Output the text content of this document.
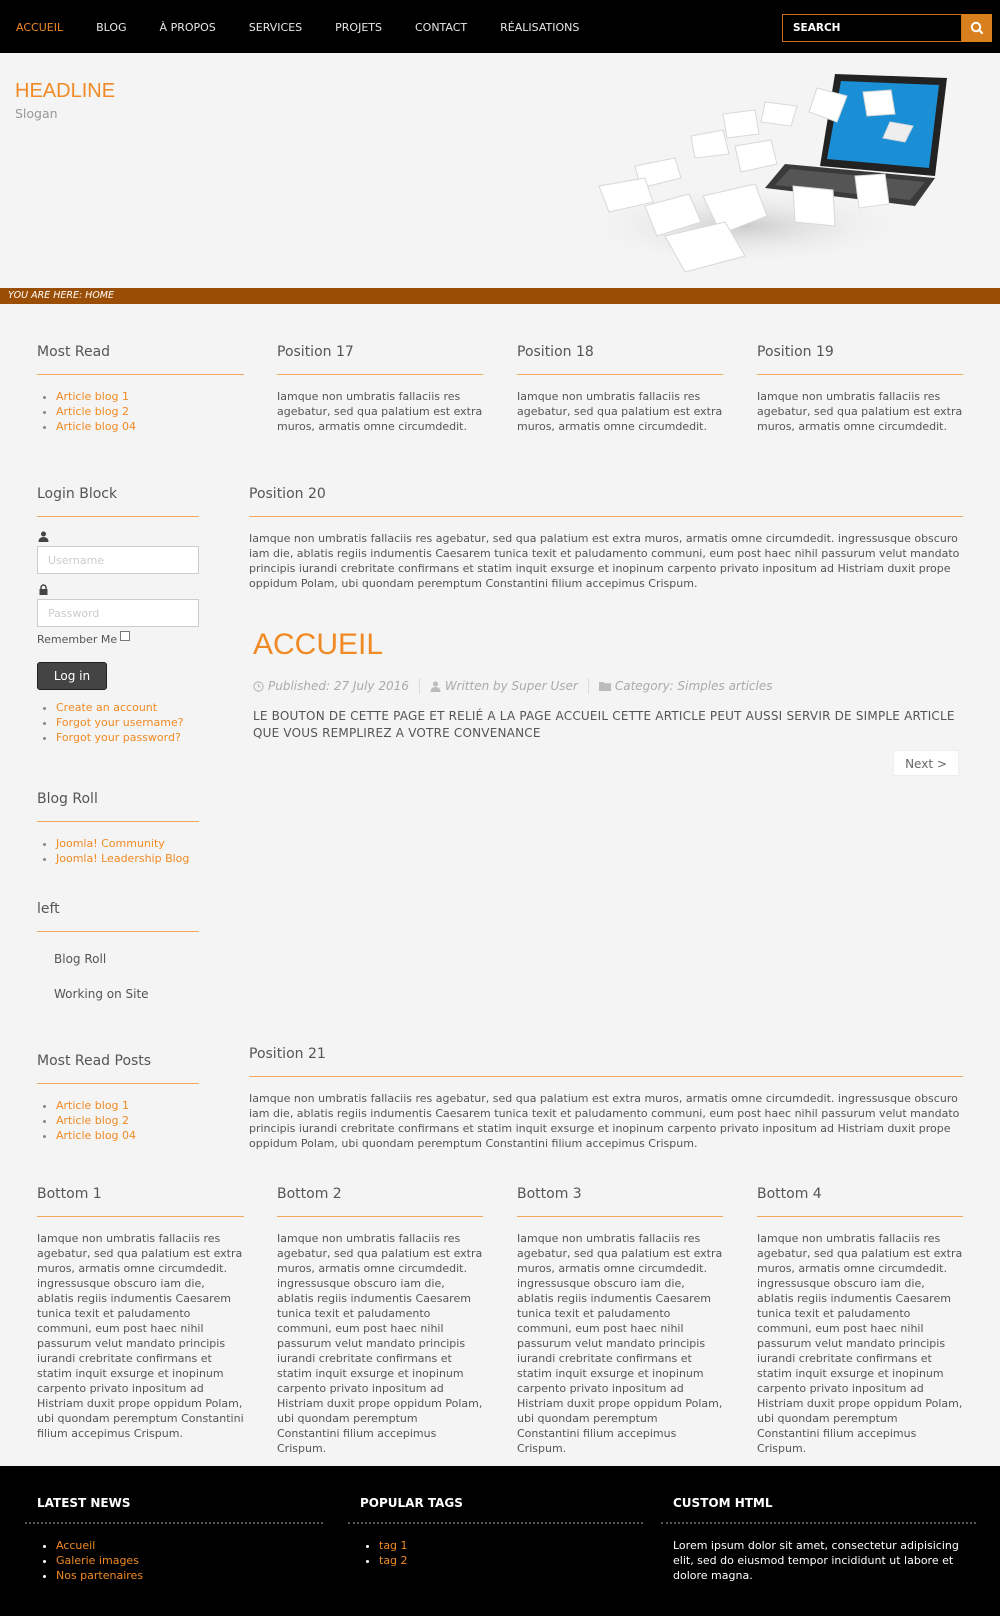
ACCUEIL	BLOG	À PROPOS	SERVICES	PROJETS	CONTACT	RÉALISATIONS
SEARCH
HEADLINE
Slogan
YOU ARE HERE: HOME
Most Read
• Article blog 1
• Article blog 2
• Article blog 04
Position 17

Iamque non umbratis fallaciis res agebatur, sed qua palatium est extra muros, armatis omne circumdedit.

Position 18

Iamque non umbratis fallaciis res agebatur, sed qua palatium est extra muros, armatis omne circumdedit.

Position 19

Iamque non umbratis fallaciis res agebatur, sed qua palatium est extra muros, armatis omne circumdedit.

Login Block
Username
Remember Me
Log in
• Create an account
• Forgot your username?
• Forgot your password?
Blog Roll
• Joomla! Community
• Joomla! Leadership Blog
left
Blog Roll
Working on Site
Most Read Posts
• Article blog 1
• Article blog 2
• Article blog 04
Position 20

Iamque non umbratis fallaciis res agebatur, sed qua palatium est extra muros, armatis omne circumdedit. ingressusque obscuro iam die, ablatis regiis indumentis Caesarem tunica texit et paludamento communi, eum post haec nihil passurum velut mandato principis iurandi crebritate confirmans et statim inquit exsurge et inopinum carpento privato inpositum ad Histriam duxit prope oppidum Polam, ubi quondam peremptum Constantini filium accepimus Crispum.

ACCUEIL
Published: 27 July 2016	Written by Super User	Category: Simples articles
LE BOUTON DE CETTE PAGE ET RELIÉ A LA PAGE ACCUEIL CETTE ARTICLE PEUT AUSSI SERVIR DE SIMPLE ARTICLE QUE VOUS REMPLIREZ A VOTRE CONVENANCE
Next >
Position 21

Iamque non umbratis fallaciis res agebatur, sed qua palatium est extra muros, armatis omne circumdedit. ingressusque obscuro iam die, ablatis regiis indumentis Caesarem tunica texit et paludamento communi, eum post haec nihil passurum velut mandato principis iurandi crebritate confirmans et statim inquit exsurge et inopinum carpento privato inpositum ad Histriam duxit prope oppidum Polam, ubi quondam peremptum Constantini filium accepimus Crispum.

Bottom 1

Iamque non umbratis fallaciis res agebatur, sed qua palatium est extra muros, armatis omne circumdedit. ingressusque obscuro iam die, ablatis regiis indumentis Caesarem tunica texit et paludamento communi, eum post haec nihil passurum velut mandato principis iurandi crebritate confirmans et statim inquit exsurge et inopinum carpento privato inpositum ad Histriam duxit prope oppidum Polam, ubi quondam peremptum Constantini filium accepimus Crispum.

Bottom 2

Iamque non umbratis fallaciis res agebatur, sed qua palatium est extra muros, armatis omne circumdedit. ingressusque obscuro iam die, ablatis regiis indumentis Caesarem tunica texit et paludamento communi, eum post haec nihil passurum velut mandato principis iurandi crebritate confirmans et statim inquit exsurge et inopinum carpento privato inpositum ad Histriam duxit prope oppidum Polam, ubi quondam peremptum Constantini filium accepimus Crispum.

Bottom 3

Iamque non umbratis fallaciis res agebatur, sed qua palatium est extra muros, armatis omne circumdedit. ingressusque obscuro iam die, ablatis regiis indumentis Caesarem tunica texit et paludamento communi, eum post haec nihil passurum velut mandato principis iurandi crebritate confirmans et statim inquit exsurge et inopinum carpento privato inpositum ad Histriam duxit prope oppidum Polam, ubi quondam peremptum Constantini filium accepimus Crispum.

Bottom 4

Iamque non umbratis fallaciis res agebatur, sed qua palatium est extra muros, armatis omne circumdedit. ingressusque obscuro iam die, ablatis regiis indumentis Caesarem tunica texit et paludamento communi, eum post haec nihil passurum velut mandato principis iurandi crebritate confirmans et statim inquit exsurge et inopinum carpento privato inpositum ad Histriam duxit prope oppidum Polam, ubi quondam peremptum Constantini filium accepimus Crispum.

LATEST NEWS
• Accueil
• Galerie images
• Nos partenaires
POPULAR TAGS
• tag 1
• tag 2
CUSTOM HTML

Lorem ipsum dolor sit amet, consectetur adipisicing elit, sed do eiusmod tempor incididunt ut labore et dolore magna.
